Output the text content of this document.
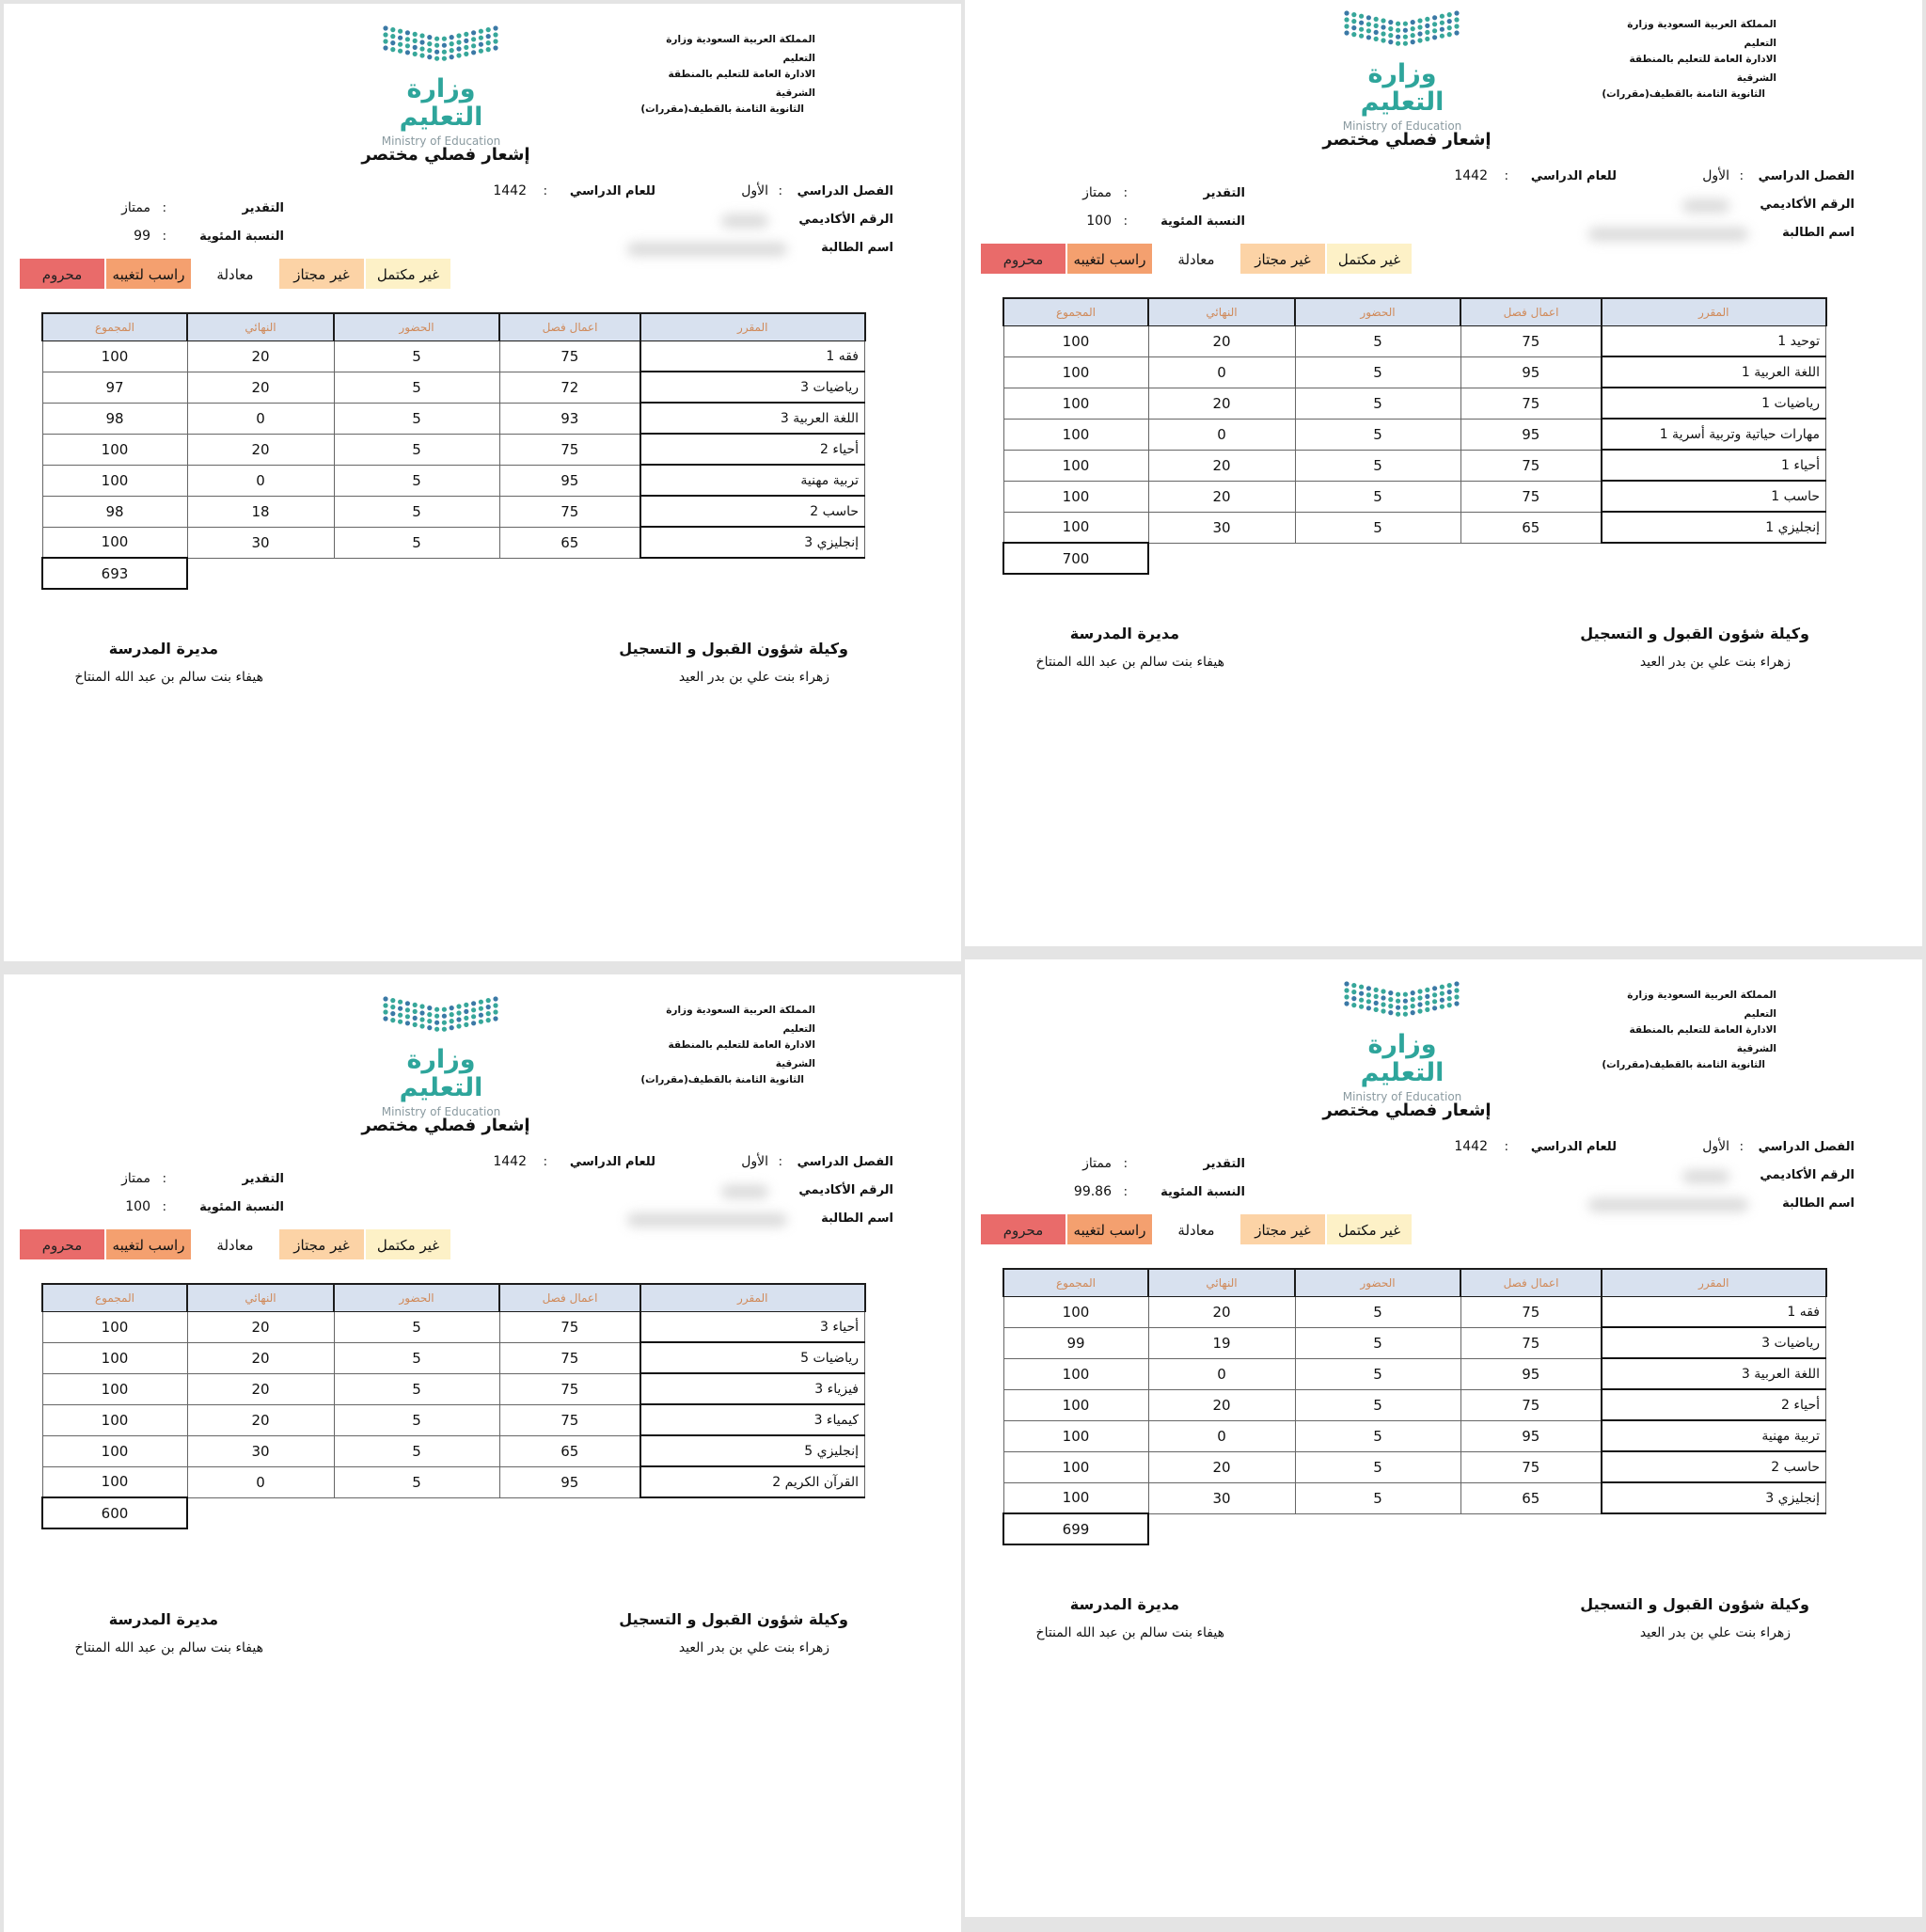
المملكة العربية السعودية وزارة التعليم
الادارة العامة للتعليم بالمنطقة الشرقية
الثانوية الثامنة بالقطيف(مقررات)
وزارة التعليم
Ministry of Education
إشعار فصلي مختصر
الفصل الدراسي
:
الأول
للعام الدراسي
:
1442
الرقم الأكاديمي
اسم الطالبة
التقدير
:
ممتاز
النسبة المئوية
:
99
محروم	راسب لتغيبه	معادلة	غير مجتاز	غير مكتمل
المقرر	اعمال فصل	الحضور	النهائي	المجموع
فقه 1	75	5	20	100
رياضيات 3	72	5	20	97
اللغة العربية 3	93	5	0	98
أحياء 2	75	5	20	100
تربية مهنية	95	5	0	100
حاسب 2	75	5	18	98
إنجليزي 3	65	5	30	100
				693
وكيلة شؤون القبول و التسجيل
زهراء بنت علي بن بدر العيد
مديرة المدرسة
هيفاء بنت سالم بن عبد الله المنتاخ
المملكة العربية السعودية وزارة التعليم
الادارة العامة للتعليم بالمنطقة الشرقية
الثانوية الثامنة بالقطيف(مقررات)
وزارة التعليم
Ministry of Education
إشعار فصلي مختصر
الفصل الدراسي
:
الأول
للعام الدراسي
:
1442
الرقم الأكاديمي
اسم الطالبة
التقدير
:
ممتاز
النسبة المئوية
:
100
محروم	راسب لتغيبه	معادلة	غير مجتاز	غير مكتمل
المقرر	اعمال فصل	الحضور	النهائي	المجموع
توحيد 1	75	5	20	100
اللغة العربية 1	95	5	0	100
رياضيات 1	75	5	20	100
مهارات حياتية وتربية أسرية 1	95	5	0	100
أحياء 1	75	5	20	100
حاسب 1	75	5	20	100
إنجليزي 1	65	5	30	100
				700
وكيلة شؤون القبول و التسجيل
زهراء بنت علي بن بدر العيد
مديرة المدرسة
هيفاء بنت سالم بن عبد الله المنتاخ
المملكة العربية السعودية وزارة التعليم
الادارة العامة للتعليم بالمنطقة الشرقية
الثانوية الثامنة بالقطيف(مقررات)
وزارة التعليم
Ministry of Education
إشعار فصلي مختصر
الفصل الدراسي
:
الأول
للعام الدراسي
:
1442
الرقم الأكاديمي
اسم الطالبة
التقدير
:
ممتاز
النسبة المئوية
:
100
محروم	راسب لتغيبه	معادلة	غير مجتاز	غير مكتمل
المقرر	اعمال فصل	الحضور	النهائي	المجموع
أحياء 3	75	5	20	100
رياضيات 5	75	5	20	100
فيزياء 3	75	5	20	100
كيمياء 3	75	5	20	100
إنجليزي 5	65	5	30	100
القرآن الكريم 2	95	5	0	100
				600
وكيلة شؤون القبول و التسجيل
زهراء بنت علي بن بدر العيد
مديرة المدرسة
هيفاء بنت سالم بن عبد الله المنتاخ
المملكة العربية السعودية وزارة التعليم
الادارة العامة للتعليم بالمنطقة الشرقية
الثانوية الثامنة بالقطيف(مقررات)
وزارة التعليم
Ministry of Education
إشعار فصلي مختصر
الفصل الدراسي
:
الأول
للعام الدراسي
:
1442
الرقم الأكاديمي
اسم الطالبة
التقدير
:
ممتاز
النسبة المئوية
:
99.86
محروم	راسب لتغيبه	معادلة	غير مجتاز	غير مكتمل
المقرر	اعمال فصل	الحضور	النهائي	المجموع
فقه 1	75	5	20	100
رياضيات 3	75	5	19	99
اللغة العربية 3	95	5	0	100
أحياء 2	75	5	20	100
تربية مهنية	95	5	0	100
حاسب 2	75	5	20	100
إنجليزي 3	65	5	30	100
				699
وكيلة شؤون القبول و التسجيل
زهراء بنت علي بن بدر العيد
مديرة المدرسة
هيفاء بنت سالم بن عبد الله المنتاخ
